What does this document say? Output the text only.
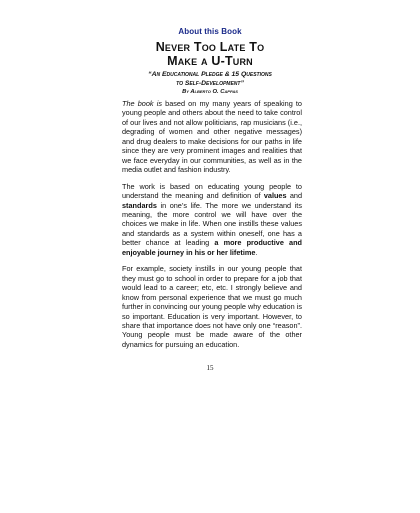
About this Book
Never Too Late To
Make a U-Turn
“An Educational Pledge & 15 Questions
to Self-Development”
By Alberto O. Cappas

The book is based on my many years of speaking to young people and others about the need to take control of our lives and not allow politicians, rap musicians (i.e., degrading of women and other negative messages) and drug dealers to make decisions for our paths in life since they are very prominent images and realities that we face everyday in our communities, as well as in the media outlet and fashion industry.

The work is based on educating young people to understand the meaning and definition of values and standards in one’s life. The more we understand its meaning, the more control we will have over the choices we make in life. When one instills these values and standards as a system within oneself, one has a better chance at leading a more productive and enjoyable journey in his or her lifetime.

For example, society instills in our young people that they must go to school in order to prepare for a job that would lead to a career; etc, etc. I strongly believe and know from personal experience that we must go much further in convincing our young people why education is so important. Education is very important. However, to share that importance does not have only one “reason”. Young people must be made aware of the other dynamics for pursuing an education.

15
